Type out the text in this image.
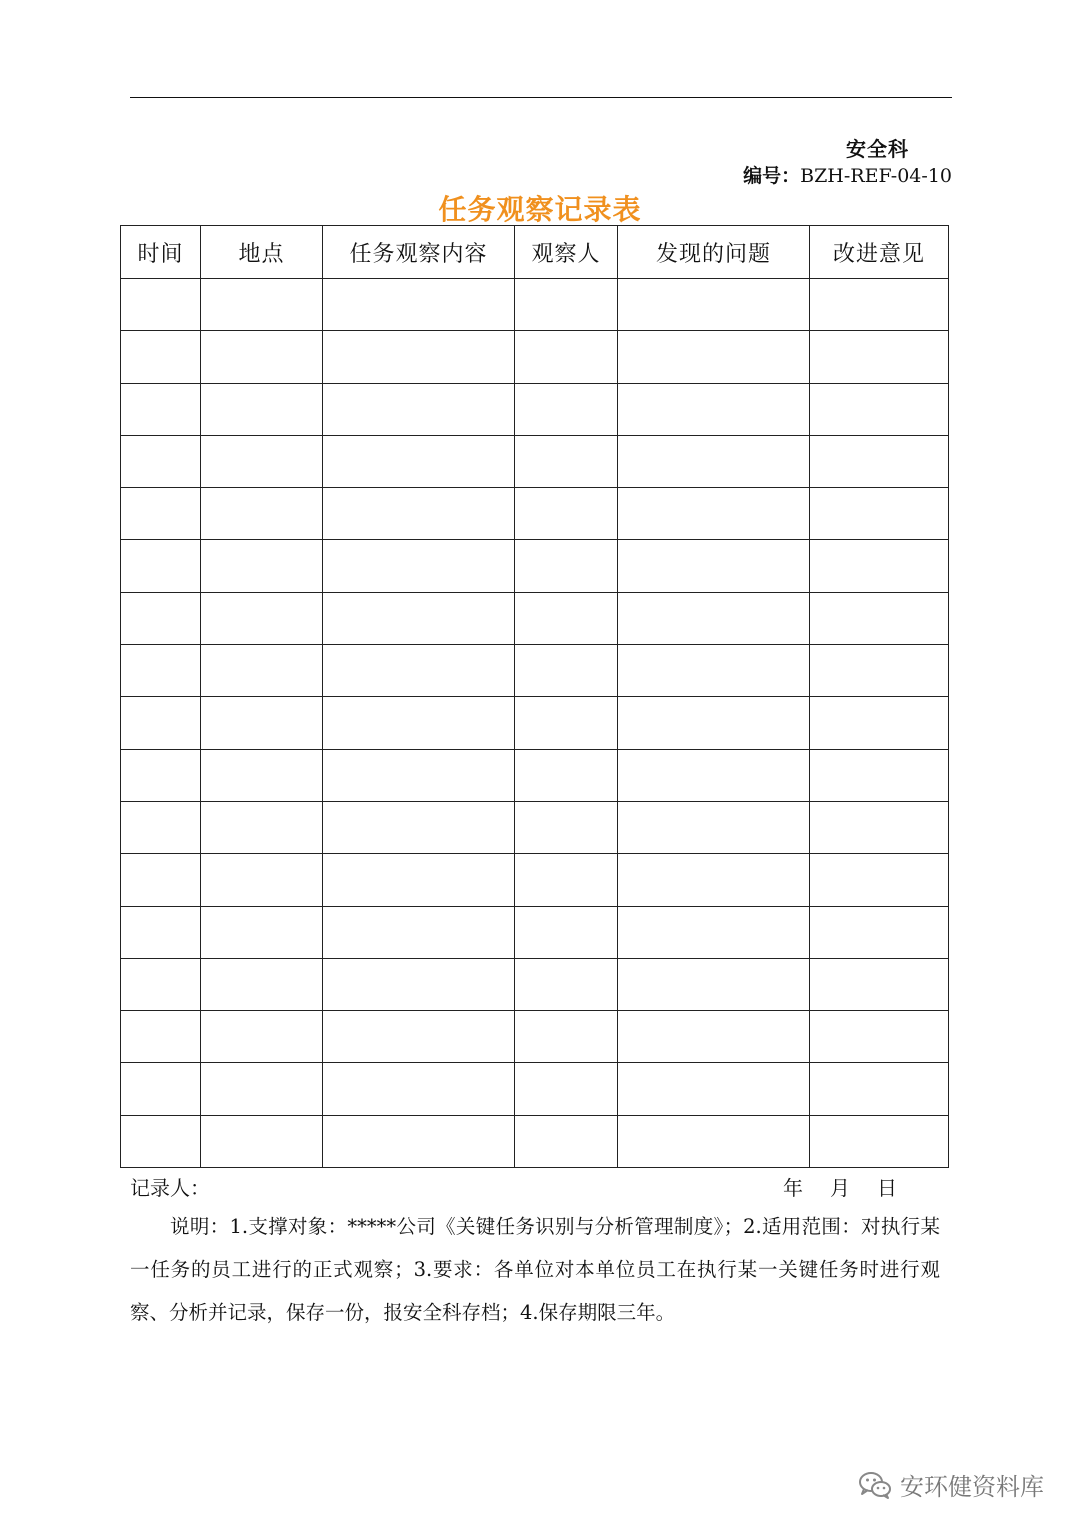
安全科
编号：BZH-REF-04-10
任务观察记录表
时间	地点	任务观察内容	观察人	发现的问题	改进意见

记录人：	年 月 日
说明：1.支撑对象：*****公司《关键任务识别与分析管理制度》；2.适用范围：对执行某一任务的员工进行的正式观察；3.要求：各单位对本单位员工在执行某一关键任务时进行观察、分析并记录，保存一份，报安全科存档；4.保存期限三年。
安环健资料库
